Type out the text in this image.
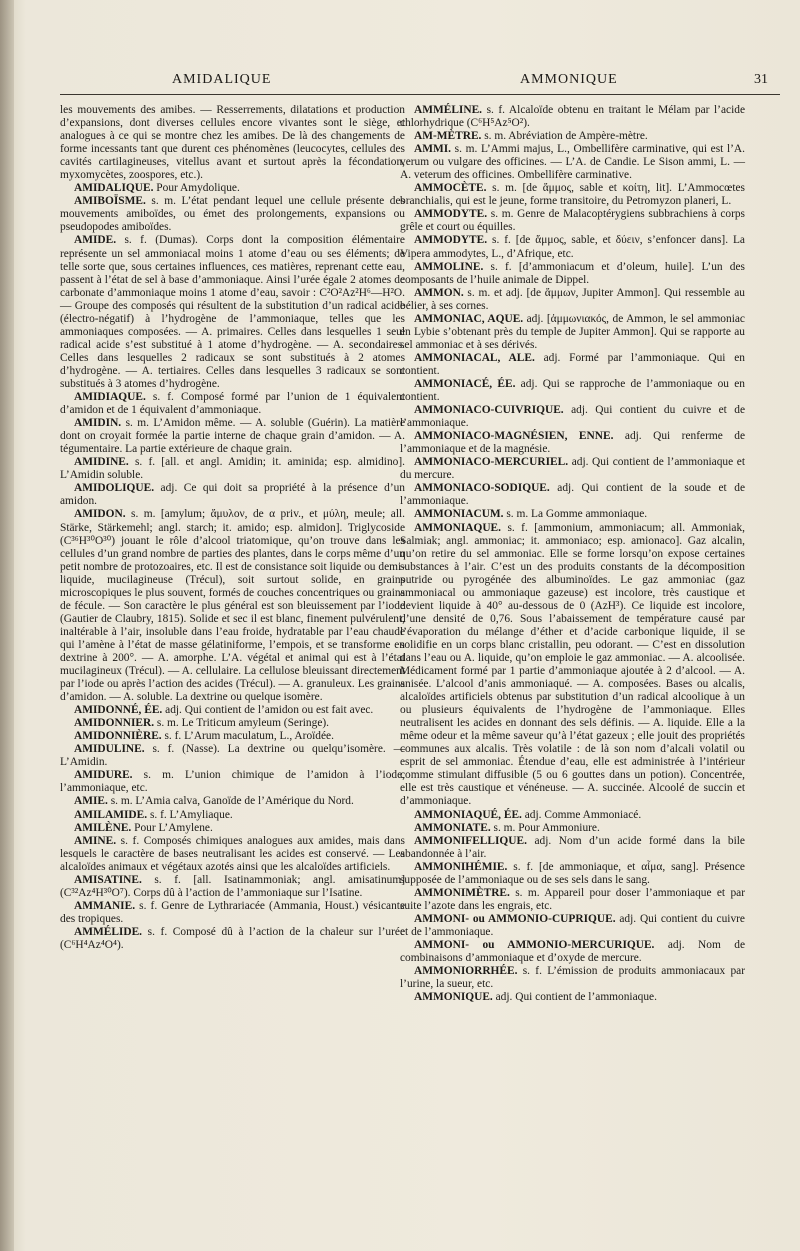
AMIDALIQUE	AMMONIQUE	31

les mouvements des amibes. — Resserrements, dilatations et production d’expansions, dont diverses cellules encore vivantes sont le siège, et analogues à ce qui se montre chez les amibes. De là des changements de forme incessants tant que durent ces phénomènes (leucocytes, cellules des cavités cartilagineuses, vitellus avant et surtout après la fécondation, myxomycètes, zoospores, etc.).

AMIDALIQUE. Pour Amydolique.

AMIBOÏSME. s. m. L’état pendant lequel une cellule présente des mouvements amiboïdes, ou émet des prolongements, expansions ou pseudopodes amiboïdes.

AMIDE. s. f. (Dumas). Corps dont la composition élémentaire représente un sel ammoniacal moins 1 atome d’eau ou ses éléments; de telle sorte que, sous certaines influences, ces matières, reprenant cette eau, passent à l’état de sel à base d’ammoniaque. Ainsi l’urée égale 2 atomes de carbonate d’ammoniaque moins 1 atome d’eau, savoir : C²O²Az²H⁶—H²O. — Groupe des composés qui résultent de la substitution d’un radical acide (électro-négatif) à l’hydrogène de l’ammoniaque, telles que les ammoniaques composées. — A. primaires. Celles dans lesquelles 1 seul radical acide s’est substitué à 1 atome d’hydrogène. — A. secondaires. Celles dans lesquelles 2 radicaux se sont substitués à 2 atomes d’hydrogène. — A. tertiaires. Celles dans lesquelles 3 radicaux se sont substitués à 3 atomes d’hydrogène.

AMIDIAQUE. s. f. Composé formé par l’union de 1 équivalent d’amidon et de 1 équivalent d’ammoniaque.

AMIDIN. s. m. L’Amidon même. — A. soluble (Guérin). La matière dont on croyait formée la partie interne de chaque grain d’amidon. — A. tégumentaire. La partie extérieure de chaque grain.

AMIDINE. s. f. [all. et angl. Amidin; it. aminida; esp. almidino]. L’Amidin soluble.

AMIDOLIQUE. adj. Ce qui doit sa propriété à la présence d’un amidon.

AMIDON. s. m. [amylum; ἄμυλον, de α priv., et μύλη, meule; all. Stärke, Stärkemehl; angl. starch; it. amido; esp. almidon]. Triglycoside (C³⁶H³⁰O³⁰) jouant le rôle d’alcool triatomique, qu’on trouve dans les cellules d’un grand nombre de parties des plantes, dans le corps même d’un petit nombre de protozoaires, etc. Il est de consistance soit liquide ou demi-liquide, mucilagineuse (Trécul), soit surtout solide, en grains microscopiques le plus souvent, formés de couches concentriques ou grains de fécule. — Son caractère le plus général est son bleuissement par l’iode (Gautier de Claubry, 1815). Solide et sec il est blanc, finement pulvérulent, inaltérable à l’air, insoluble dans l’eau froide, hydratable par l’eau chaude qui l’amène à l’état de masse gélatiniforme, l’empois, et se transforme en dextrine à 200°. — A. amorphe. L’A. végétal et animal qui est à l’état mucilagineux (Trécul). — A. cellulaire. La cellulose bleuissant directement par l’iode ou après l’action des acides (Trécul). — A. granuleux. Les grains d’amidon. — A. soluble. La dextrine ou quelque isomère.

AMIDONNÉ, ÉE. adj. Qui contient de l’amidon ou est fait avec.

AMIDONNIER. s. m. Le Triticum amyleum (Seringe).

AMIDONNIÈRE. s. f. L’Arum maculatum, L., Aroïdée.

AMIDULINE. s. f. (Nasse). La dextrine ou quelqu’isomère. — L’Amidin.

AMIDURE. s. m. L’union chimique de l’amidon à l’iode, l’ammoniaque, etc.

AMIE. s. m. L’Amia calva, Ganoïde de l’Amérique du Nord.

AMILAMIDE. s. f. L’Amyliaque.

AMILÈNE. Pour L’Amylene.

AMINE. s. f. Composés chimiques analogues aux amides, mais dans lesquels le caractère de bases neutralisant les acides est conservé. — Les alcaloïdes animaux et végétaux azotés ainsi que les alcaloïdes artificiels.

AMISATINE. s. f. [all. Isatinammoniak; angl. amisatinum] (C³²Az⁴H³⁰O⁷). Corps dû à l’action de l’ammoniaque sur l’Isatine.

AMMANIE. s. f. Genre de Lythrariacée (Ammania, Houst.) vésicante des tropiques.

AMMÉLIDE. s. f. Composé dû à l’action de la chaleur sur l’urée (C⁶H⁴Az⁴O⁴).

AMMÉLINE. s. f. Alcaloïde obtenu en traitant le Mélam par l’acide chlorhydrique (C⁶H⁵Az⁵O²).

AM-MÈTRE. s. m. Abréviation de Ampère-mètre.

AMMI. s. m. L’Ammi majus, L., Ombellifère carminative, qui est l’A. verum ou vulgare des officines. — L’A. de Candie. Le Sison ammi, L. — A. veterum des officines. Ombellifère carminative.

AMMOCÈTE. s. m. [de ἄμμος, sable et κοίτη, lit]. L’Ammocœtes branchialis, qui est le jeune, forme transitoire, du Petromyzon planeri, L.

AMMODYTE. s. m. Genre de Malacoptérygiens subbrachiens à corps grêle et court ou équilles.

AMMODYTE. s. f. [de ἄμμος, sable, et δύειν, s’enfoncer dans]. La Vipera ammodytes, L., d’Afrique, etc.

AMMOLINE. s. f. [d’ammoniacum et d’oleum, huile]. L’un des composants de l’huile animale de Dippel.

AMMON. s. m. et adj. [de ἄμμων, Jupiter Ammon]. Qui ressemble au bélier, à ses cornes.

AMMONIAC, AQUE. adj. [ἀμμωνιακός, de Ammon, le sel ammoniac en Lybie s’obtenant près du temple de Jupiter Ammon]. Qui se rapporte au sel ammoniac et à ses dérivés.

AMMONIACAL, ALE. adj. Formé par l’ammoniaque. Qui en contient.

AMMONIACÉ, ÉE. adj. Qui se rapproche de l’ammoniaque ou en contient.

AMMONIACO-CUIVRIQUE. adj. Qui contient du cuivre et de l’ammoniaque.

AMMONIACO-MAGNÉSIEN, ENNE. adj. Qui renferme de l’ammoniaque et de la magnésie.

AMMONIACO-MERCURIEL. adj. Qui contient de l’ammoniaque et du mercure.

AMMONIACO-SODIQUE. adj. Qui contient de la soude et de l’ammoniaque.

AMMONIACUM. s. m. La Gomme ammoniaque.

AMMONIAQUE. s. f. [ammonium, ammoniacum; all. Ammoniak, Salmiak; angl. ammoniac; it. ammoniaco; esp. amionaco]. Gaz alcalin, qu’on retire du sel ammoniac. Elle se forme lorsqu’on expose certaines substances à l’air. C’est un des produits constants de la décomposition putride ou pyrogénée des albuminoïdes. Le gaz ammoniac (gaz ammoniacal ou ammoniaque gazeuse) est incolore, très caustique et devient liquide à 40° au-dessous de 0 (AzH³). Ce liquide est incolore, d’une densité de 0,76. Sous l’abaissement de température causé par l’évaporation du mélange d’éther et d’acide carbonique liquide, il se solidifie en un corps blanc cristallin, peu odorant. — C’est en dissolution dans l’eau ou A. liquide, qu’on emploie le gaz ammoniac. — A. alcoolisée. Médicament formé par 1 partie d’ammoniaque ajoutée à 2 d’alcool. — A. anisée. L’alcool d’anis ammoniaqué. — A. composées. Bases ou alcalis, alcaloïdes artificiels obtenus par substitution d’un radical alcoolique à un ou plusieurs équivalents de l’hydrogène de l’ammoniaque. Elles neutralisent les acides en donnant des sels définis. — A. liquide. Elle a la même odeur et la même saveur qu’à l’état gazeux ; elle jouit des propriétés communes aux alcalis. Très volatile : de là son nom d’alcali volatil ou esprit de sel ammoniac. Étendue d’eau, elle est administrée à l’intérieur comme stimulant diffusible (5 ou 6 gouttes dans un potion). Concentrée, elle est très caustique et vénéneuse. — A. succinée. Alcoolé de succin et d’ammoniaque.

AMMONIAQUÉ, ÉE. adj. Comme Ammoniacé.

AMMONIATE. s. m. Pour Ammoniure.

AMMONIFELLIQUE. adj. Nom d’un acide formé dans la bile abandonnée à l’air.

AMMONIHÉMIE. s. f. [de ammoniaque, et αἷμα, sang]. Présence supposée de l’ammoniaque ou de ses sels dans le sang.

AMMONIMÈTRE. s. m. Appareil pour doser l’ammoniaque et par suite l’azote dans les engrais, etc.

AMMONI- ou AMMONIO-CUPRIQUE. adj. Qui contient du cuivre et de l’ammoniaque.

AMMONI- ou AMMONIO-MERCURIQUE. adj. Nom de combinaisons d’ammoniaque et d’oxyde de mercure.

AMMONIORRHÉE. s. f. L’émission de produits ammoniacaux par l’urine, la sueur, etc.

AMMONIQUE. adj. Qui contient de l’ammoniaque.
